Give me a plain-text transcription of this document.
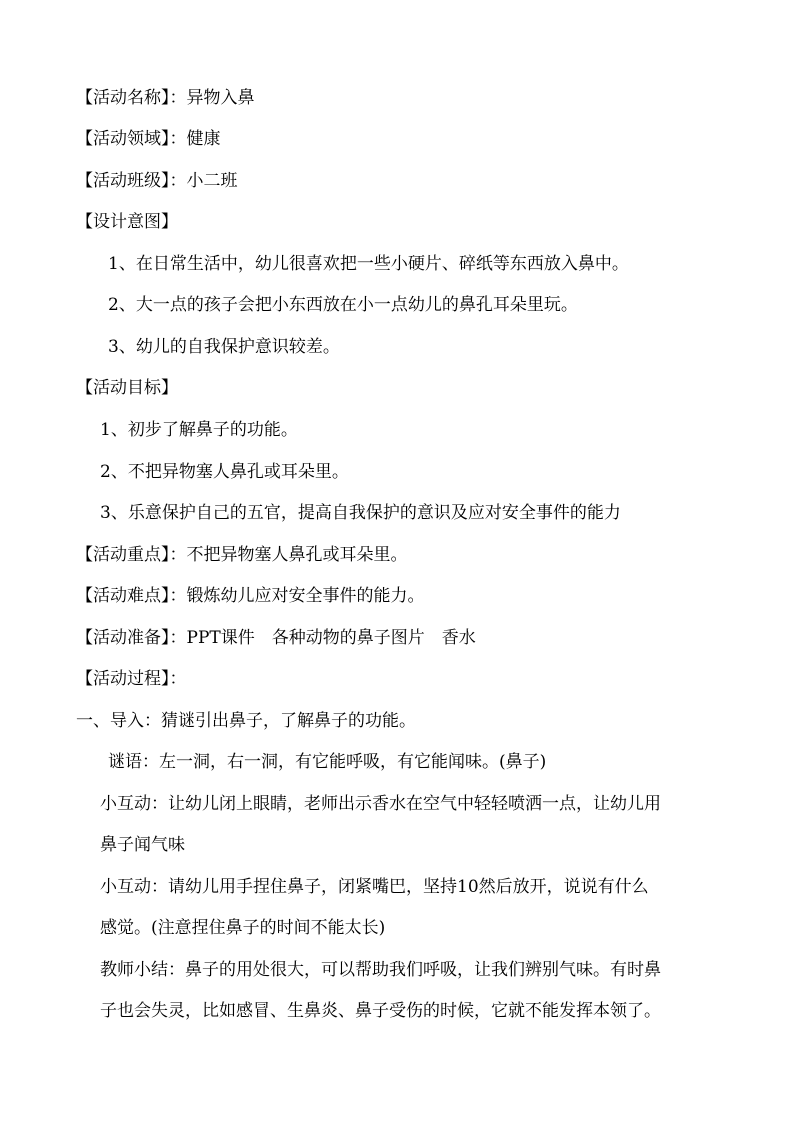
【活动名称】：异物入鼻
【活动领域】：健康
【活动班级】：小二班
【设计意图】
1、在日常生活中，幼儿很喜欢把一些小硬片、碎纸等东西放入鼻中。
2、大一点的孩子会把小东西放在小一点幼儿的鼻孔耳朵里玩。
3、幼儿的自我保护意识较差。
【活动目标】
1、初步了解鼻子的功能。
2、不把异物塞人鼻孔或耳朵里。
3、乐意保护自己的五官，提高自我保护的意识及应对安全事件的能力
【活动重点】：不把异物塞人鼻孔或耳朵里。
【活动难点】：锻炼幼儿应对安全事件的能力。
【活动准备】：PPT课件　各种动物的鼻子图片　香水
【活动过程】：
一、导入：猜谜引出鼻子，了解鼻子的功能。
谜语：左一洞，右一洞，有它能呼吸，有它能闻味。(鼻子)
小互动：让幼儿闭上眼睛，老师出示香水在空气中轻轻喷洒一点，让幼儿用
鼻子闻气味
小互动：请幼儿用手捏住鼻子，闭紧嘴巴，坚持10然后放开，说说有什么
感觉。(注意捏住鼻子的时间不能太长)
教师小结：鼻子的用处很大，可以帮助我们呼吸，让我们辨别气味。有时鼻
子也会失灵，比如感冒、生鼻炎、鼻子受伤的时候，它就不能发挥本领了。
